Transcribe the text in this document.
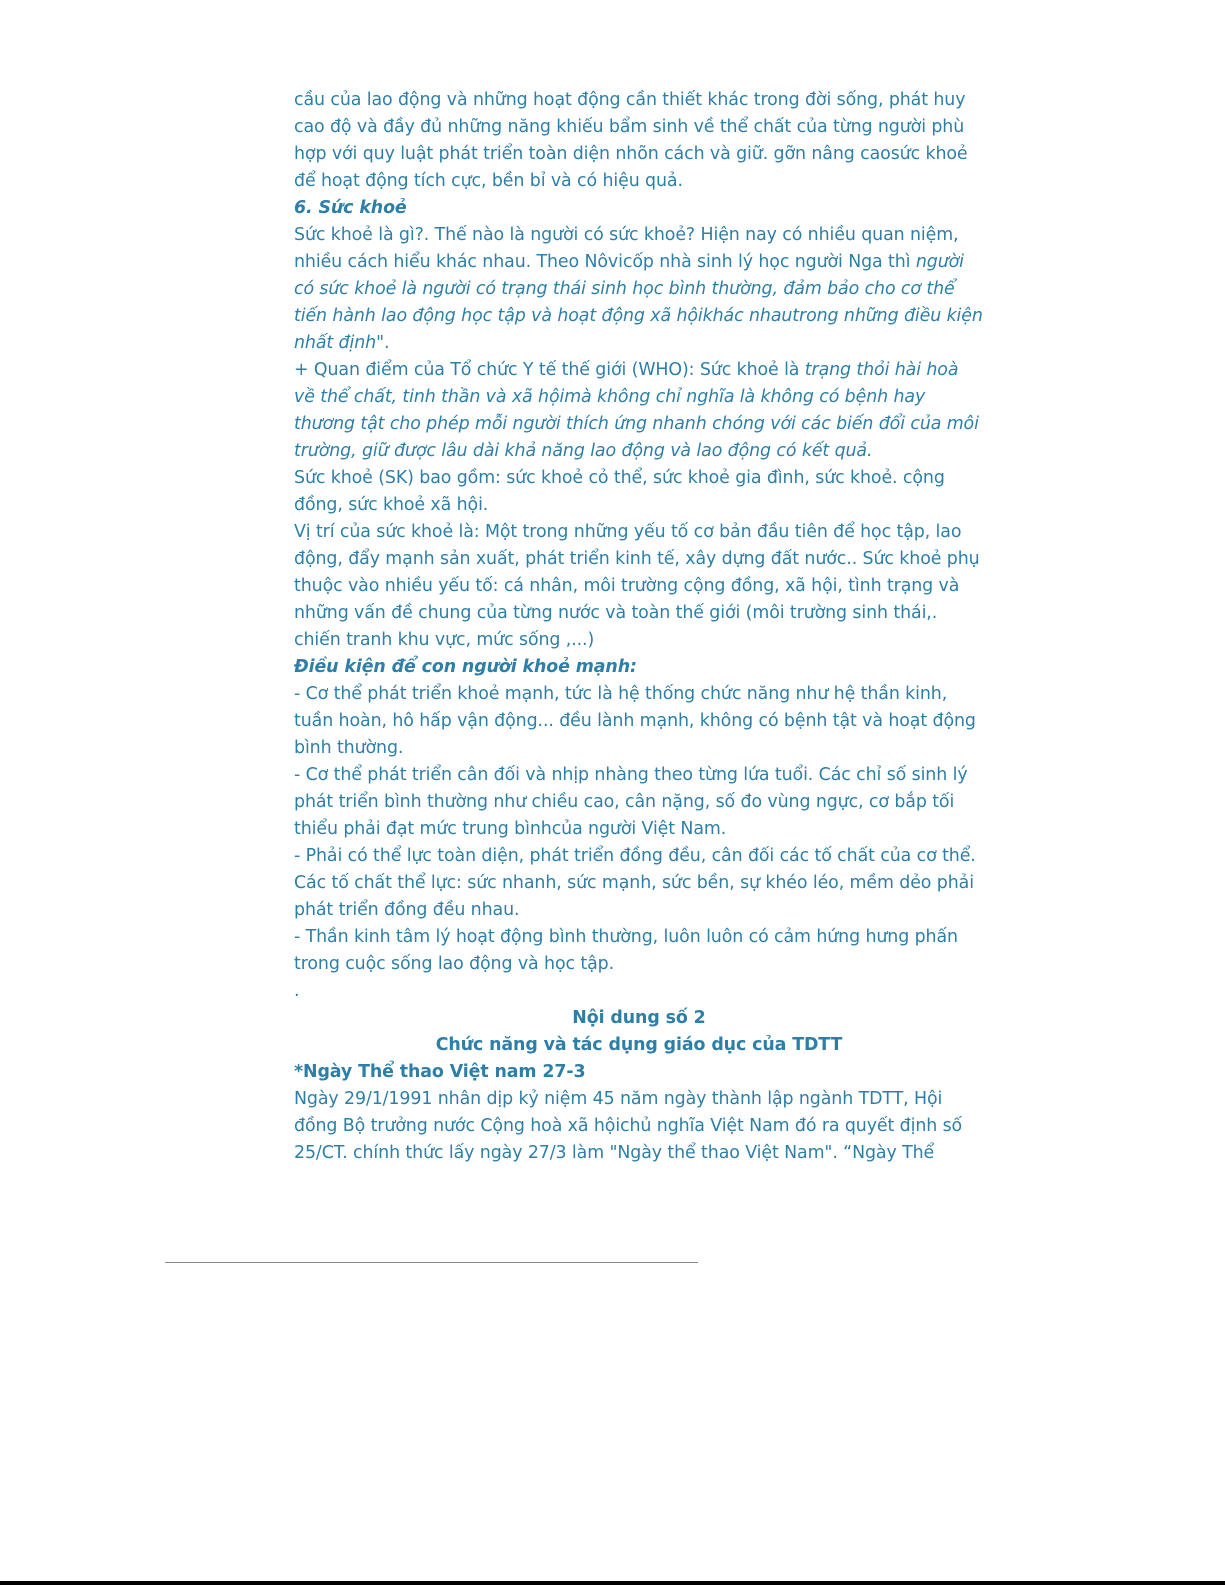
cầu của lao động và những hoạt động cần thiết khác trong đời sống, phát huy cao độ và đầy đủ những năng khiếu bẩm sinh về thể chất của từng người phù hợp với quy luật phát triển toàn diện nhõn cách và giữ. gỡn nâng caosức khoẻ để hoạt động tích cực, bền bỉ và có hiệu quả.

6. Sức khoẻ

Sức khoẻ là gì?. Thế nào là người có sức khoẻ? Hiện nay có nhiều quan niệm, nhiều cách hiểu khác nhau. Theo Nôvicốp nhà sinh lý học người Nga thì người có sức khoẻ là người có trạng thái sinh học bình thường, đảm bảo cho cơ thể tiến hành lao động học tập và hoạt động xã hộikhác nhautrong những điều kiện nhất định".

+ Quan điểm của Tổ chức Y tế thế giới (WHO): Sức khoẻ là trạng thỏi hài hoà về thể chất, tinh thần và xã hộimà không chỉ nghĩa là không có bệnh hay thương tật cho phép mỗi người thích ứng nhanh chóng với các biến đổi của môi trường, giữ được lâu dài khả năng lao động và lao động có kết quả.

Sức khoẻ (SK) bao gồm: sức khoẻ cỏ thể, sức khoẻ gia đình, sức khoẻ. cộng đồng, sức khoẻ xã hội.

Vị trí của sức khoẻ là: Một trong những yếu tố cơ bản đầu tiên để học tập, lao động, đẩy mạnh sản xuất, phát triển kinh tế, xây dựng đất nước.. Sức khoẻ phụ thuộc vào nhiều yếu tố: cá nhân, môi trường cộng đồng, xã hội, tình trạng và những vấn đề chung của từng nước và toàn thế giới (môi trường sinh thái,. chiến tranh khu vực, mức sống ,...)

Điều kiện để con người khoẻ mạnh:

- Cơ thể phát triển khoẻ mạnh, tức là hệ thống chức năng như hệ thần kinh, tuần hoàn, hô hấp vận động... đều lành mạnh, không có bệnh tật và hoạt động bình thường.

- Cơ thể phát triển cân đối và nhịp nhàng theo từng lứa tuổi. Các chỉ số sinh lý phát triển bình thường như chiều cao, cân nặng, số đo vùng ngực, cơ bắp tối thiểu phải đạt mức trung bìnhcủa người Việt Nam.

- Phải có thể lực toàn diện, phát triển đồng đều, cân đối các tố chất của cơ thể. Các tố chất thể lực: sức nhanh, sức mạnh, sức bền, sự khéo léo, mềm dẻo phải phát triển đồng đều nhau.

- Thần kinh tâm lý hoạt động bình thường, luôn luôn có cảm hứng hưng phấn trong cuộc sống lao động và học tập.

.

Nội dung số 2

Chức năng và tác dụng giáo dục của TDTT

*Ngày Thể thao Việt nam 27-3

Ngày 29/1/1991 nhân dịp kỷ niệm 45 năm ngày thành lập ngành TDTT, Hội đồng Bộ trưởng nước Cộng hoà xã hộichủ nghĩa Việt Nam đó ra quyết định số 25/CT. chính thức lấy ngày 27/3 làm "Ngày thể thao Việt Nam". “Ngày Thể
